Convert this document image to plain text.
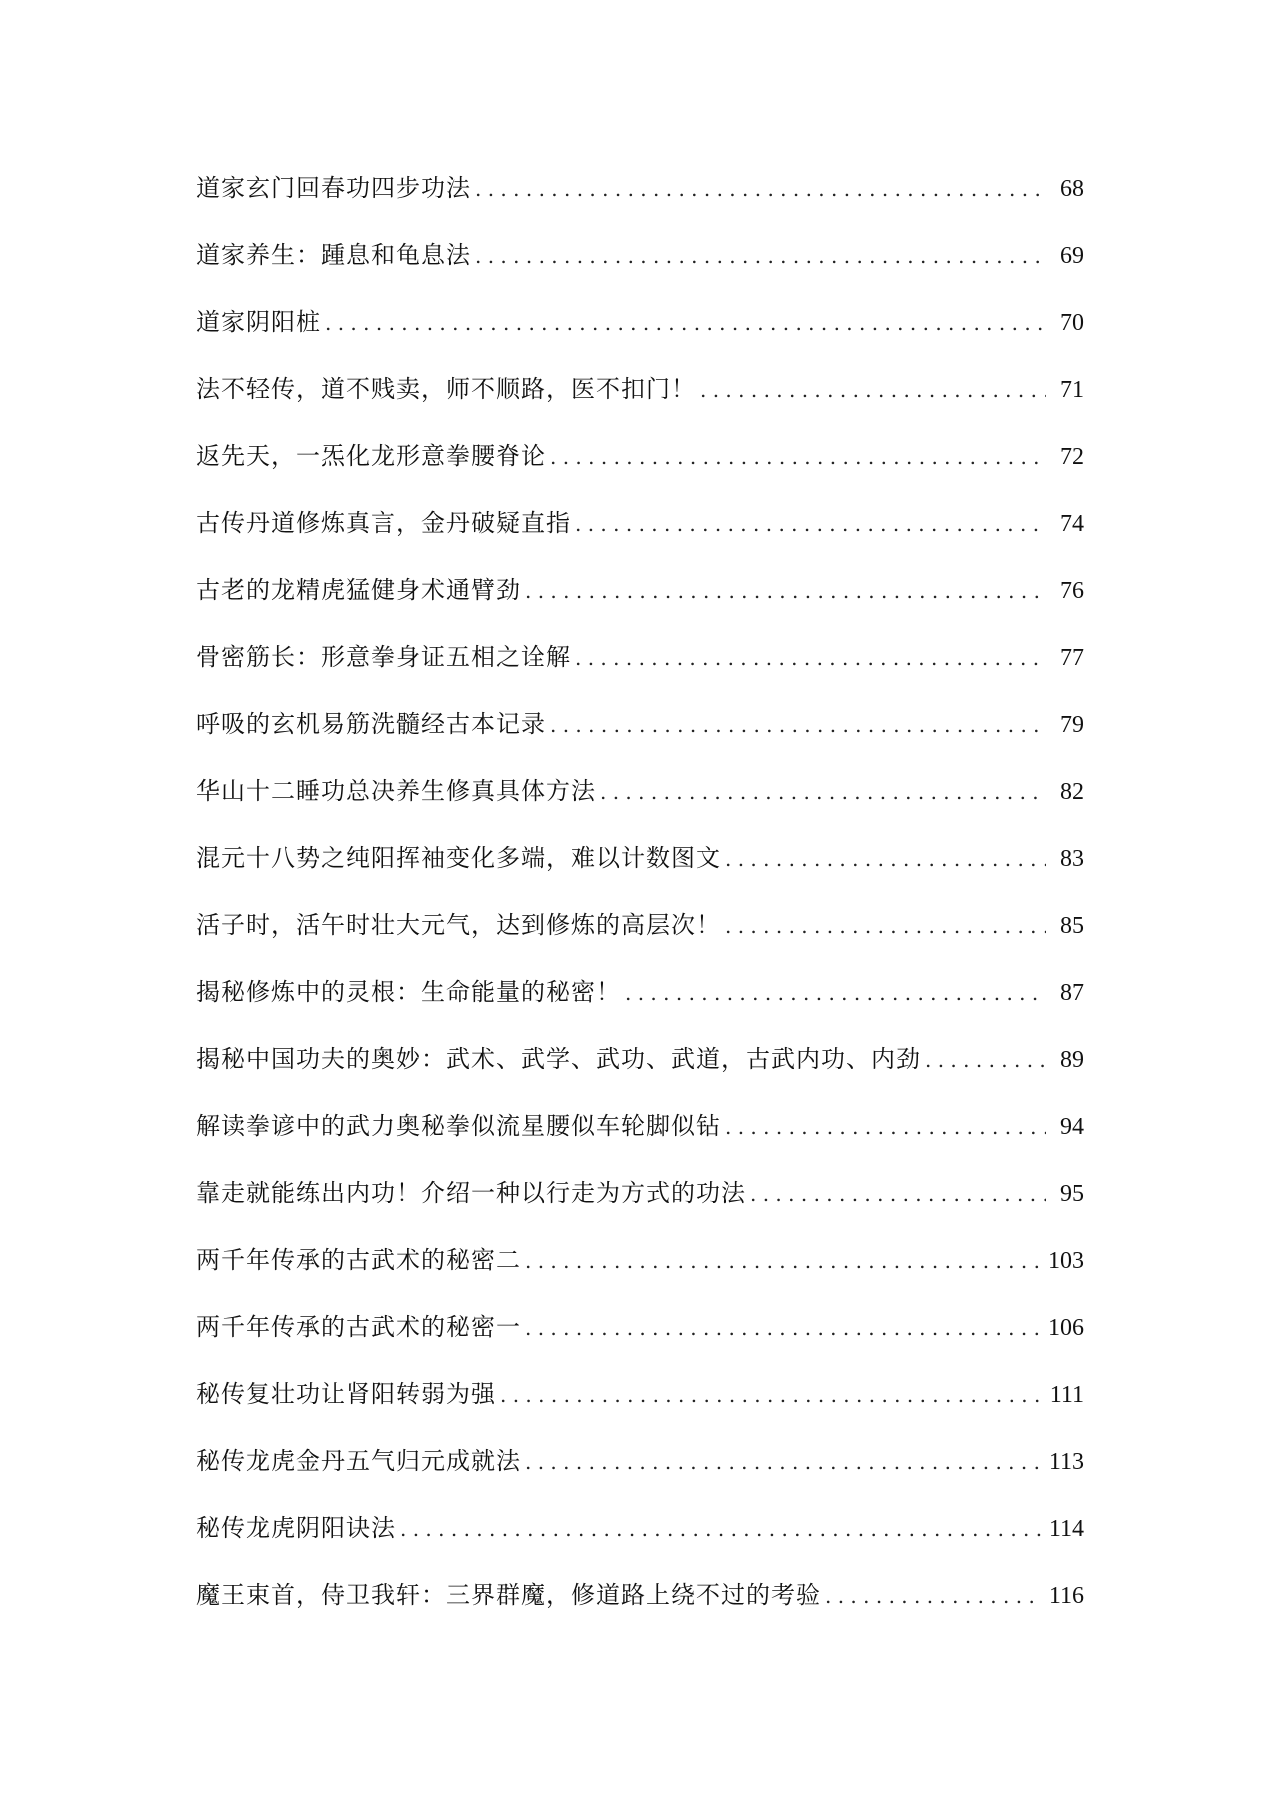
道家玄门回春功四步功法 . . .	68
道家养生：踵息和龟息法 . . .	69
道家阴阳桩 . . .	70
法不轻传，道不贱卖，师不顺路，医不扣门！ . . .	71
返先天，一炁化龙形意拳腰脊论 . . .	72
古传丹道修炼真言，金丹破疑直指 . . .	74
古老的龙精虎猛健身术通臂劲 . . .	76
骨密筋长：形意拳身证五相之诠解 . . .	77
呼吸的玄机易筋洗髓经古本记录 . . .	79
华山十二睡功总决养生修真具体方法 . . .	82
混元十八势之纯阳挥袖变化多端，难以计数图文 . . .	83
活子时，活午时壮大元气，达到修炼的高层次！ . . .	85
揭秘修炼中的灵根：生命能量的秘密！ . . .	87
揭秘中国功夫的奥妙：武术、武学、武功、武道，古武内功、内劲 . . .	89
解读拳谚中的武力奥秘拳似流星腰似车轮脚似钻 . . .	94
靠走就能练出内功！介绍一种以行走为方式的功法 . . .	95
两千年传承的古武术的秘密二 . . .	103
两千年传承的古武术的秘密一 . . .	106
秘传复壮功让肾阳转弱为强 . . .	111
秘传龙虎金丹五气归元成就法 . . .	113
秘传龙虎阴阳诀法 . . .	114
魔王束首，侍卫我轩：三界群魔，修道路上绕不过的考验 . . .	116
